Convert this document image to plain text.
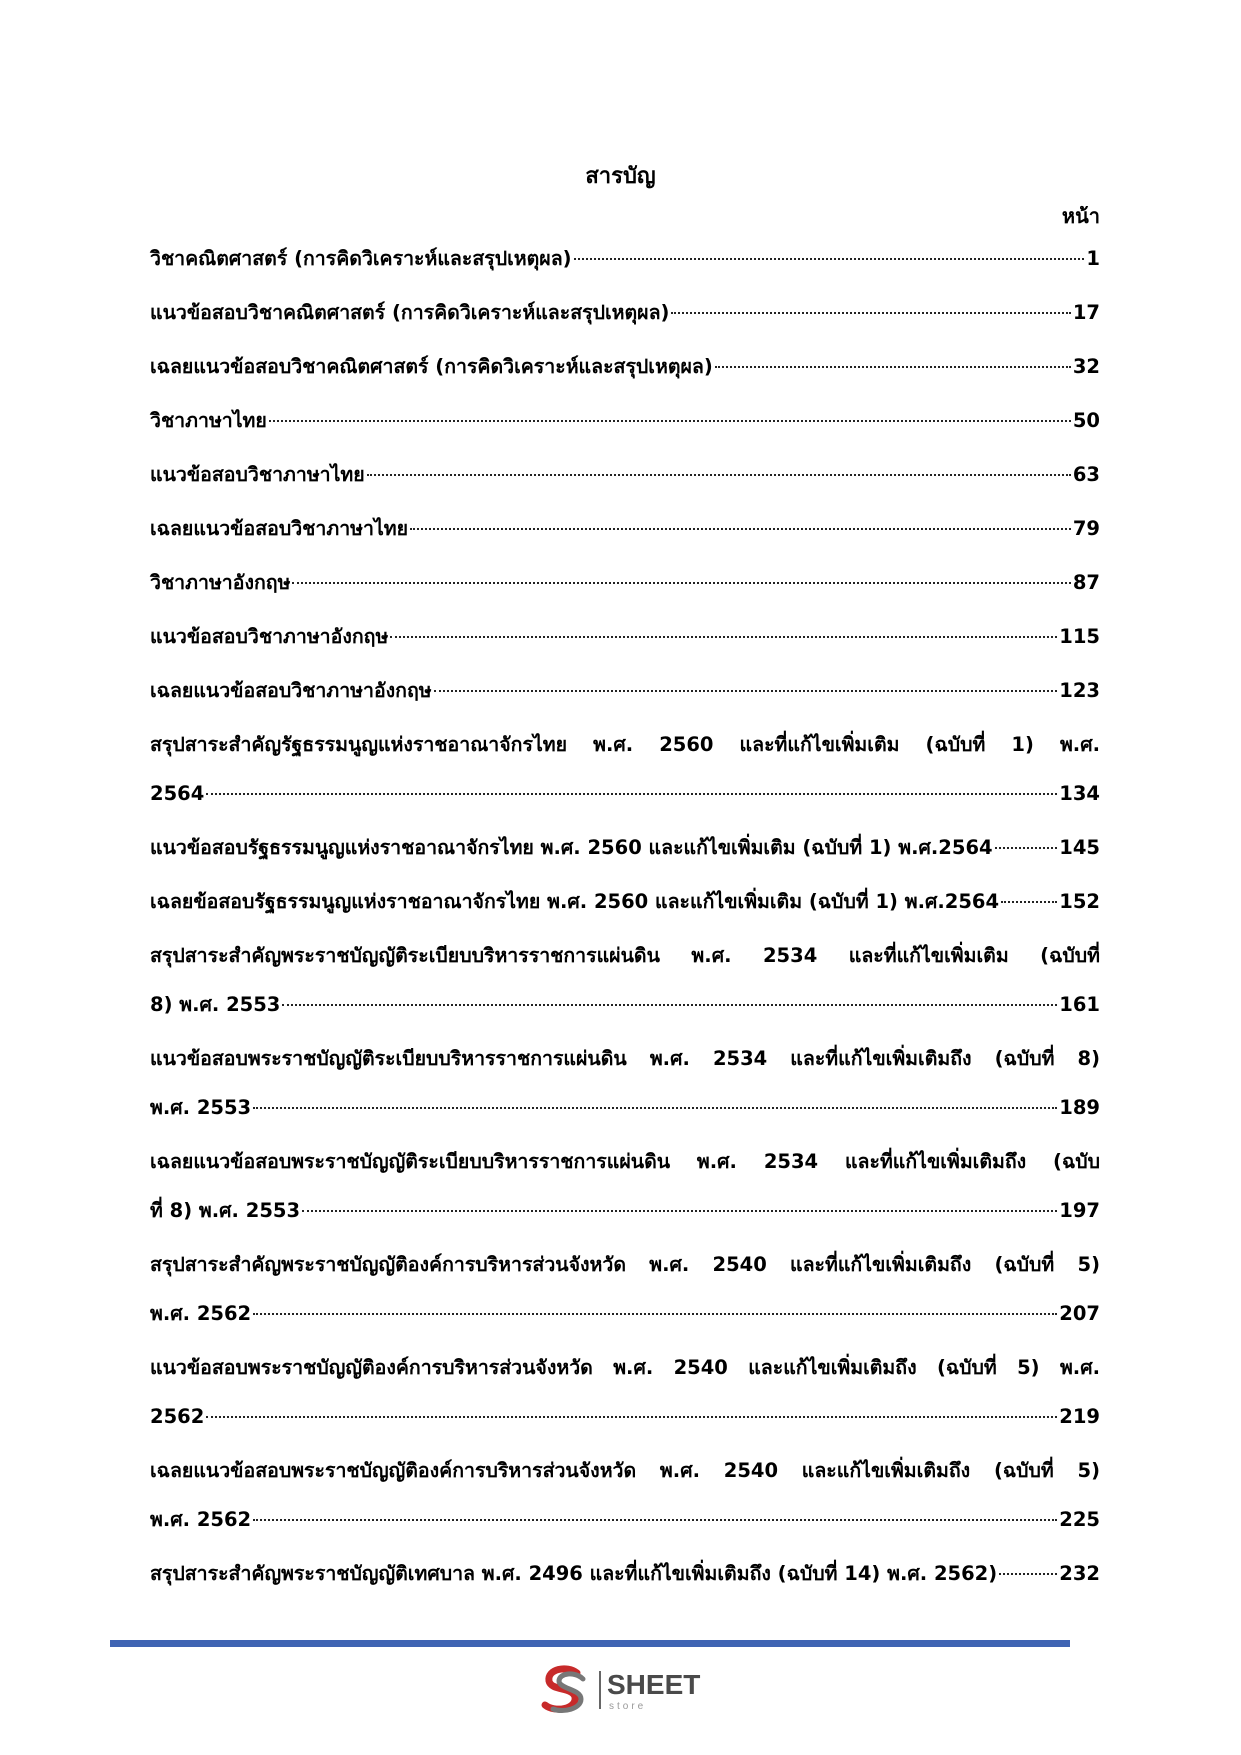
สารบัญ
หน้า
วิชาคณิตศาสตร์ (การคิดวิเคราะห์และสรุปเหตุผล)	1
แนวข้อสอบวิชาคณิตศาสตร์ (การคิดวิเคราะห์และสรุปเหตุผล)	17
เฉลยแนวข้อสอบวิชาคณิตศาสตร์ (การคิดวิเคราะห์และสรุปเหตุผล)	32
วิชาภาษาไทย	50
แนวข้อสอบวิชาภาษาไทย	63
เฉลยแนวข้อสอบวิชาภาษาไทย	79
วิชาภาษาอังกฤษ	87
แนวข้อสอบวิชาภาษาอังกฤษ	115
เฉลยแนวข้อสอบวิชาภาษาอังกฤษ	123
สรุปสาระสำคัญรัฐธรรมนูญแห่งราชอาณาจักรไทย พ.ศ. 2560 และที่แก้ไขเพิ่มเติม (ฉบับที่ 1) พ.ศ.
2564	134
แนวข้อสอบรัฐธรรมนูญแห่งราชอาณาจักรไทย พ.ศ. 2560 และแก้ไขเพิ่มเติม (ฉบับที่ 1) พ.ศ.2564	145
เฉลยข้อสอบรัฐธรรมนูญแห่งราชอาณาจักรไทย พ.ศ. 2560 และแก้ไขเพิ่มเติม (ฉบับที่ 1) พ.ศ.2564	152
สรุปสาระสำคัญพระราชบัญญัติระเบียบบริหารราชการแผ่นดิน พ.ศ. 2534 และที่แก้ไขเพิ่มเติม (ฉบับที่
8) พ.ศ. 2553	161
แนวข้อสอบพระราชบัญญัติระเบียบบริหารราชการแผ่นดิน พ.ศ. 2534 และที่แก้ไขเพิ่มเติมถึง (ฉบับที่ 8)
พ.ศ. 2553	189
เฉลยแนวข้อสอบพระราชบัญญัติระเบียบบริหารราชการแผ่นดิน พ.ศ. 2534 และที่แก้ไขเพิ่มเติมถึง (ฉบับ
ที่ 8) พ.ศ. 2553	197
สรุปสาระสำคัญพระราชบัญญัติองค์การบริหารส่วนจังหวัด พ.ศ. 2540 และที่แก้ไขเพิ่มเติมถึง (ฉบับที่ 5)
พ.ศ. 2562	207
แนวข้อสอบพระราชบัญญัติองค์การบริหารส่วนจังหวัด พ.ศ. 2540 และแก้ไขเพิ่มเติมถึง (ฉบับที่ 5) พ.ศ.
2562	219
เฉลยแนวข้อสอบพระราชบัญญัติองค์การบริหารส่วนจังหวัด พ.ศ. 2540 และแก้ไขเพิ่มเติมถึง (ฉบับที่ 5)
พ.ศ. 2562	225
สรุปสาระสำคัญพระราชบัญญัติเทศบาล พ.ศ. 2496 และที่แก้ไขเพิ่มเติมถึง (ฉบับที่ 14) พ.ศ. 2562)	232
SHEET
store
